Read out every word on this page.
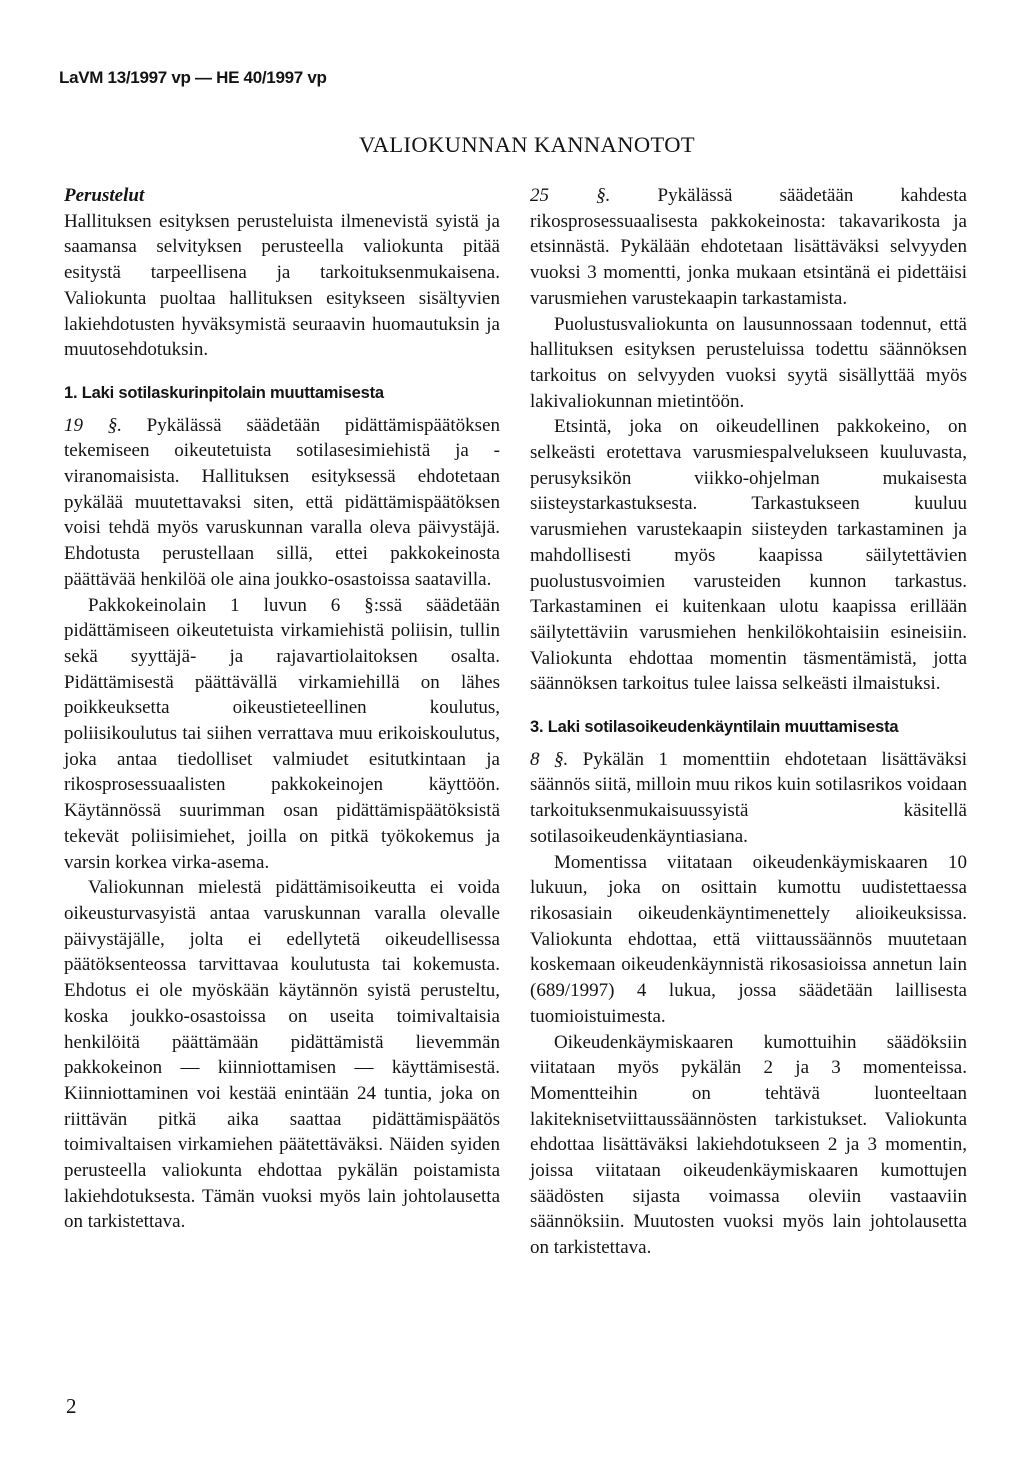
LaVM 13/1997 vp — HE 40/1997 vp
VALIOKUNNAN KANNANOTOT

Perustelut

Hallituksen esityksen perusteluista ilmenevistä syistä ja saamansa selvityksen perusteella valiokunta pitää esitystä tarpeellisena ja tarkoituksenmukaisena. Valiokunta puoltaa hallituksen esitykseen sisältyvien lakiehdotusten hyväksymistä seuraavin huomautuksin ja muutosehdotuksin.

1. Laki sotilaskurinpitolain muuttamisesta

19 §. Pykälässä säädetään pidättämispäätöksen tekemiseen oikeutetuista sotilasesimiehistä ja -viranomaisista. Hallituksen esityksessä ehdotetaan pykälää muutettavaksi siten, että pidättämispäätöksen voisi tehdä myös varuskunnan varalla oleva päivystäjä. Ehdotusta perustellaan sillä, ettei pakkokeinosta päättävää henkilöä ole aina joukko-osastoissa saatavilla.

Pakkokeinolain 1 luvun 6 §:ssä säädetään pidättämiseen oikeutetuista virkamiehistä poliisin, tullin sekä syyttäjä- ja rajavartiolaitoksen osalta. Pidättämisestä päättävällä virkamiehillä on lähes poikkeuksetta oikeustieteellinen koulutus, poliisikoulutus tai siihen verrattava muu erikoiskoulutus, joka antaa tiedolliset valmiudet esitutkintaan ja rikosprosessuaalisten pakkokeinojen käyttöön. Käytännössä suurimman osan pidättämispäätöksistä tekevät poliisimiehet, joilla on pitkä työkokemus ja varsin korkea virka-asema.

Valiokunnan mielestä pidättämisoikeutta ei voida oikeusturvasyistä antaa varuskunnan varalla olevalle päivystäjälle, jolta ei edellytetä oikeudellisessa päätöksenteossa tarvittavaa koulutusta tai kokemusta. Ehdotus ei ole myöskään käytännön syistä perusteltu, koska joukko-osastoissa on useita toimivaltaisia henkilöitä päättämään pidättämistä lievemmän pakkokeinon — kiinniottamisen — käyttämisestä. Kiinniottaminen voi kestää enintään 24 tuntia, joka on riittävän pitkä aika saattaa pidättämispäätös toimivaltaisen virkamiehen päätettäväksi. Näiden syiden perusteella valiokunta ehdottaa pykälän poistamista lakiehdotuksesta. Tämän vuoksi myös lain johtolausetta on tarkistettava.

25 §. Pykälässä säädetään kahdesta rikosprosessuaalisesta pakkokeinosta: takavarikosta ja etsinnästä. Pykälään ehdotetaan lisättäväksi selvyyden vuoksi 3 momentti, jonka mukaan etsintänä ei pidettäisi varusmiehen varustekaapin tarkastamista.

Puolustusvaliokunta on lausunnossaan todennut, että hallituksen esityksen perusteluissa todettu säännöksen tarkoitus on selvyyden vuoksi syytä sisällyttää myös lakivaliokunnan mietintöön.

Etsintä, joka on oikeudellinen pakkokeino, on selkeästi erotettava varusmiespalvelukseen kuuluvasta, perusyksikön viikko-ohjelman mukaisesta siisteystarkastuksesta. Tarkastukseen kuuluu varusmiehen varustekaapin siisteyden tarkastaminen ja mahdollisesti myös kaapissa säilytettävien puolustusvoimien varusteiden kunnon tarkastus. Tarkastaminen ei kuitenkaan ulotu kaapissa erillään säilytettäviin varusmiehen henkilökohtaisiin esineisiin. Valiokunta ehdottaa momentin täsmentämistä, jotta säännöksen tarkoitus tulee laissa selkeästi ilmaistuksi.

3. Laki sotilasoikeudenkäyntilain muuttamisesta

8 §. Pykälän 1 momenttiin ehdotetaan lisättäväksi säännös siitä, milloin muu rikos kuin sotilasrikos voidaan tarkoituksenmukaisuussyistä käsitellä sotilasoikeudenkäyntiasiana.

Momentissa viitataan oikeudenkäymiskaaren 10 lukuun, joka on osittain kumottu uudistettaessa rikosasiain oikeudenkäyntimenettely alioikeuksissa. Valiokunta ehdottaa, että viittaussäännös muutetaan koskemaan oikeudenkäynnistä rikosasioissa annetun lain (689/1997) 4 lukua, jossa säädetään laillisesta tuomioistuimesta.

Oikeudenkäymiskaaren kumottuihin säädöksiin viitataan myös pykälän 2 ja 3 momenteissa. Momentteihin on tehtävä luonteeltaan lakiteknisetviittaussäännösten tarkistukset. Valiokunta ehdottaa lisättäväksi lakiehdotukseen 2 ja 3 momentin, joissa viitataan oikeudenkäymiskaaren kumottujen säädösten sijasta voimassa oleviin vastaaviin säännöksiin. Muutosten vuoksi myös lain johtolausetta on tarkistettava.

2
